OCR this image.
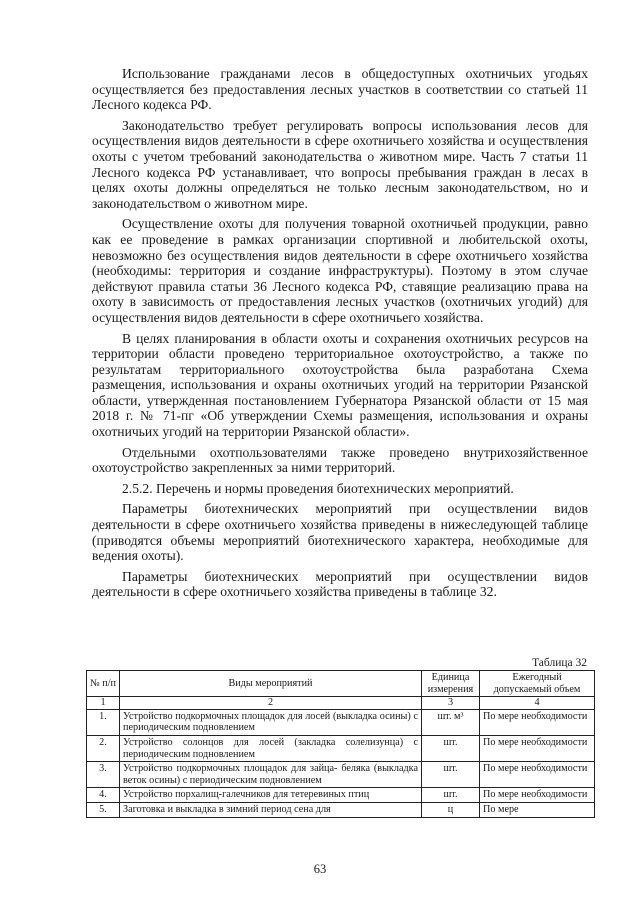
Использование гражданами лесов в общедоступных охотничьих угодьях осуществляется без предоставления лесных участков в соответствии со статьей 11 Лесного кодекса РФ.

Законодательство требует регулировать вопросы использования лесов для осуществления видов деятельности в сфере охотничьего хозяйства и осуществления охоты с учетом требований законодательства о животном мире. Часть 7 статьи 11 Лесного кодекса РФ устанавливает, что вопросы пребывания граждан в лесах в целях охоты должны определяться не только лесным законодательством, но и законодательством о животном мире.

Осуществление охоты для получения товарной охотничьей продукции, равно как ее проведение в рамках организации спортивной и любительской охоты, невозможно без осуществления видов деятельности в сфере охотничьего хозяйства (необходимы: территория и создание инфраструктуры). Поэтому в этом случае действуют правила статьи 36 Лесного кодекса РФ, ставящие реализацию права на охоту в зависимость от предоставления лесных участков (охотничьих угодий) для осуществления видов деятельности в сфере охотничьего хозяйства.

В целях планирования в области охоты и сохранения охотничьих ресурсов на территории области проведено территориальное охотоустройство, а также по результатам территориального охотоустройства была разработана Схема размещения, использования и охраны охотничьих угодий на территории Рязанской области, утвержденная постановлением Губернатора Рязанской области от 15 мая 2018 г. № 71-пг «Об утверждении Схемы размещения, использования и охраны охотничьих угодий на территории Рязанской области».

Отдельными охотпользователями также проведено внутрихозяйственное охотоустройство закрепленных за ними территорий.

2.5.2. Перечень и нормы проведения биотехнических мероприятий.

Параметры биотехнических мероприятий при осуществлении видов деятельности в сфере охотничьего хозяйства приведены в нижеследующей таблице (приводятся объемы мероприятий биотехнического характера, необходимые для ведения охоты).

Параметры биотехнических мероприятий при осуществлении видов деятельности в сфере охотничьего хозяйства приведены в таблице 32.

Таблица 32
№ п/п	Виды мероприятий	Единица измерения	Ежегодный допускаемый объем
1	2	3	4
1.	Устройство подкормочных площадок для лосей (выкладка осины) с периодическим подновлением	шт. м³	По мере необходимости
2.	Устройство солонцов для лосей (закладка солелизунца) с периодическим подновлением	шт.	По мере необходимости
3.	Устройство подкормочных площадок для зайца- беляка (выкладка веток осины) с периодическим подновлением	шт.	По мере необходимости
4.	Устройство порхалищ-галечников для тетеревиных птиц	шт.	По мере необходимости
5.	Заготовка и выкладка в зимний период сена для	ц	По мере
63
